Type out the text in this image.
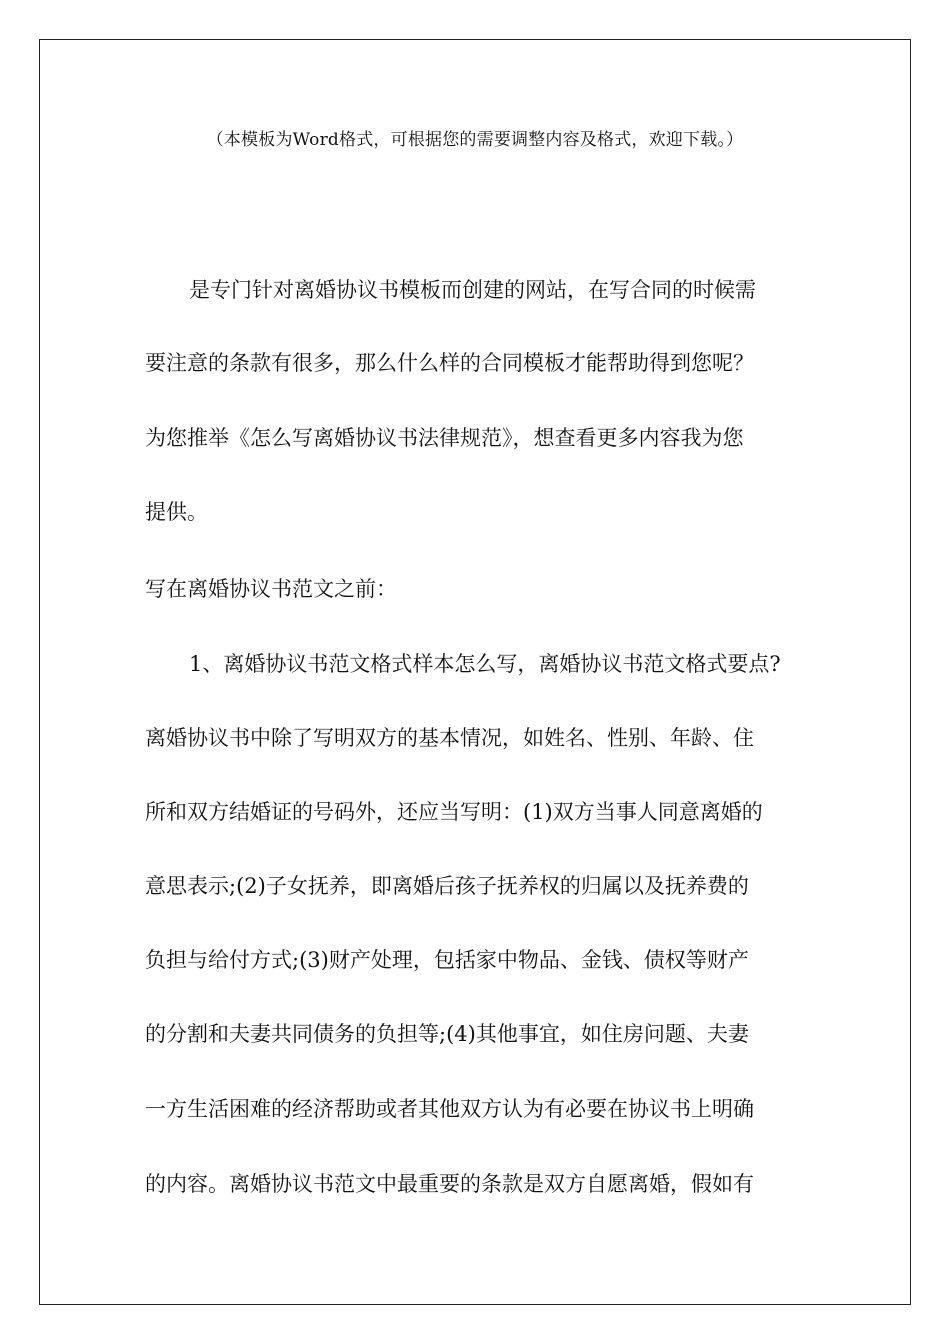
（本模板为Word格式，可根据您的需要调整内容及格式，欢迎下载。）
是专门针对离婚协议书模板而创建的网站，在写合同的时候需
要注意的条款有很多，那么什么样的合同模板才能帮助得到您呢？
为您推举《怎么写离婚协议书法律规范》，想查看更多内容我为您
提供。
写在离婚协议书范文之前：
1、离婚协议书范文格式样本怎么写，离婚协议书范文格式要点?
离婚协议书中除了写明双方的基本情况，如姓名、性别、年龄、住
所和双方结婚证的号码外，还应当写明：(1)双方当事人同意离婚的
意思表示;(2)子女抚养，即离婚后孩子抚养权的归属以及抚养费的
负担与给付方式;(3)财产处理，包括家中物品、金钱、债权等财产
的分割和夫妻共同债务的负担等;(4)其他事宜，如住房问题、夫妻
一方生活困难的经济帮助或者其他双方认为有必要在协议书上明确
的内容。离婚协议书范文中最重要的条款是双方自愿离婚，假如有
